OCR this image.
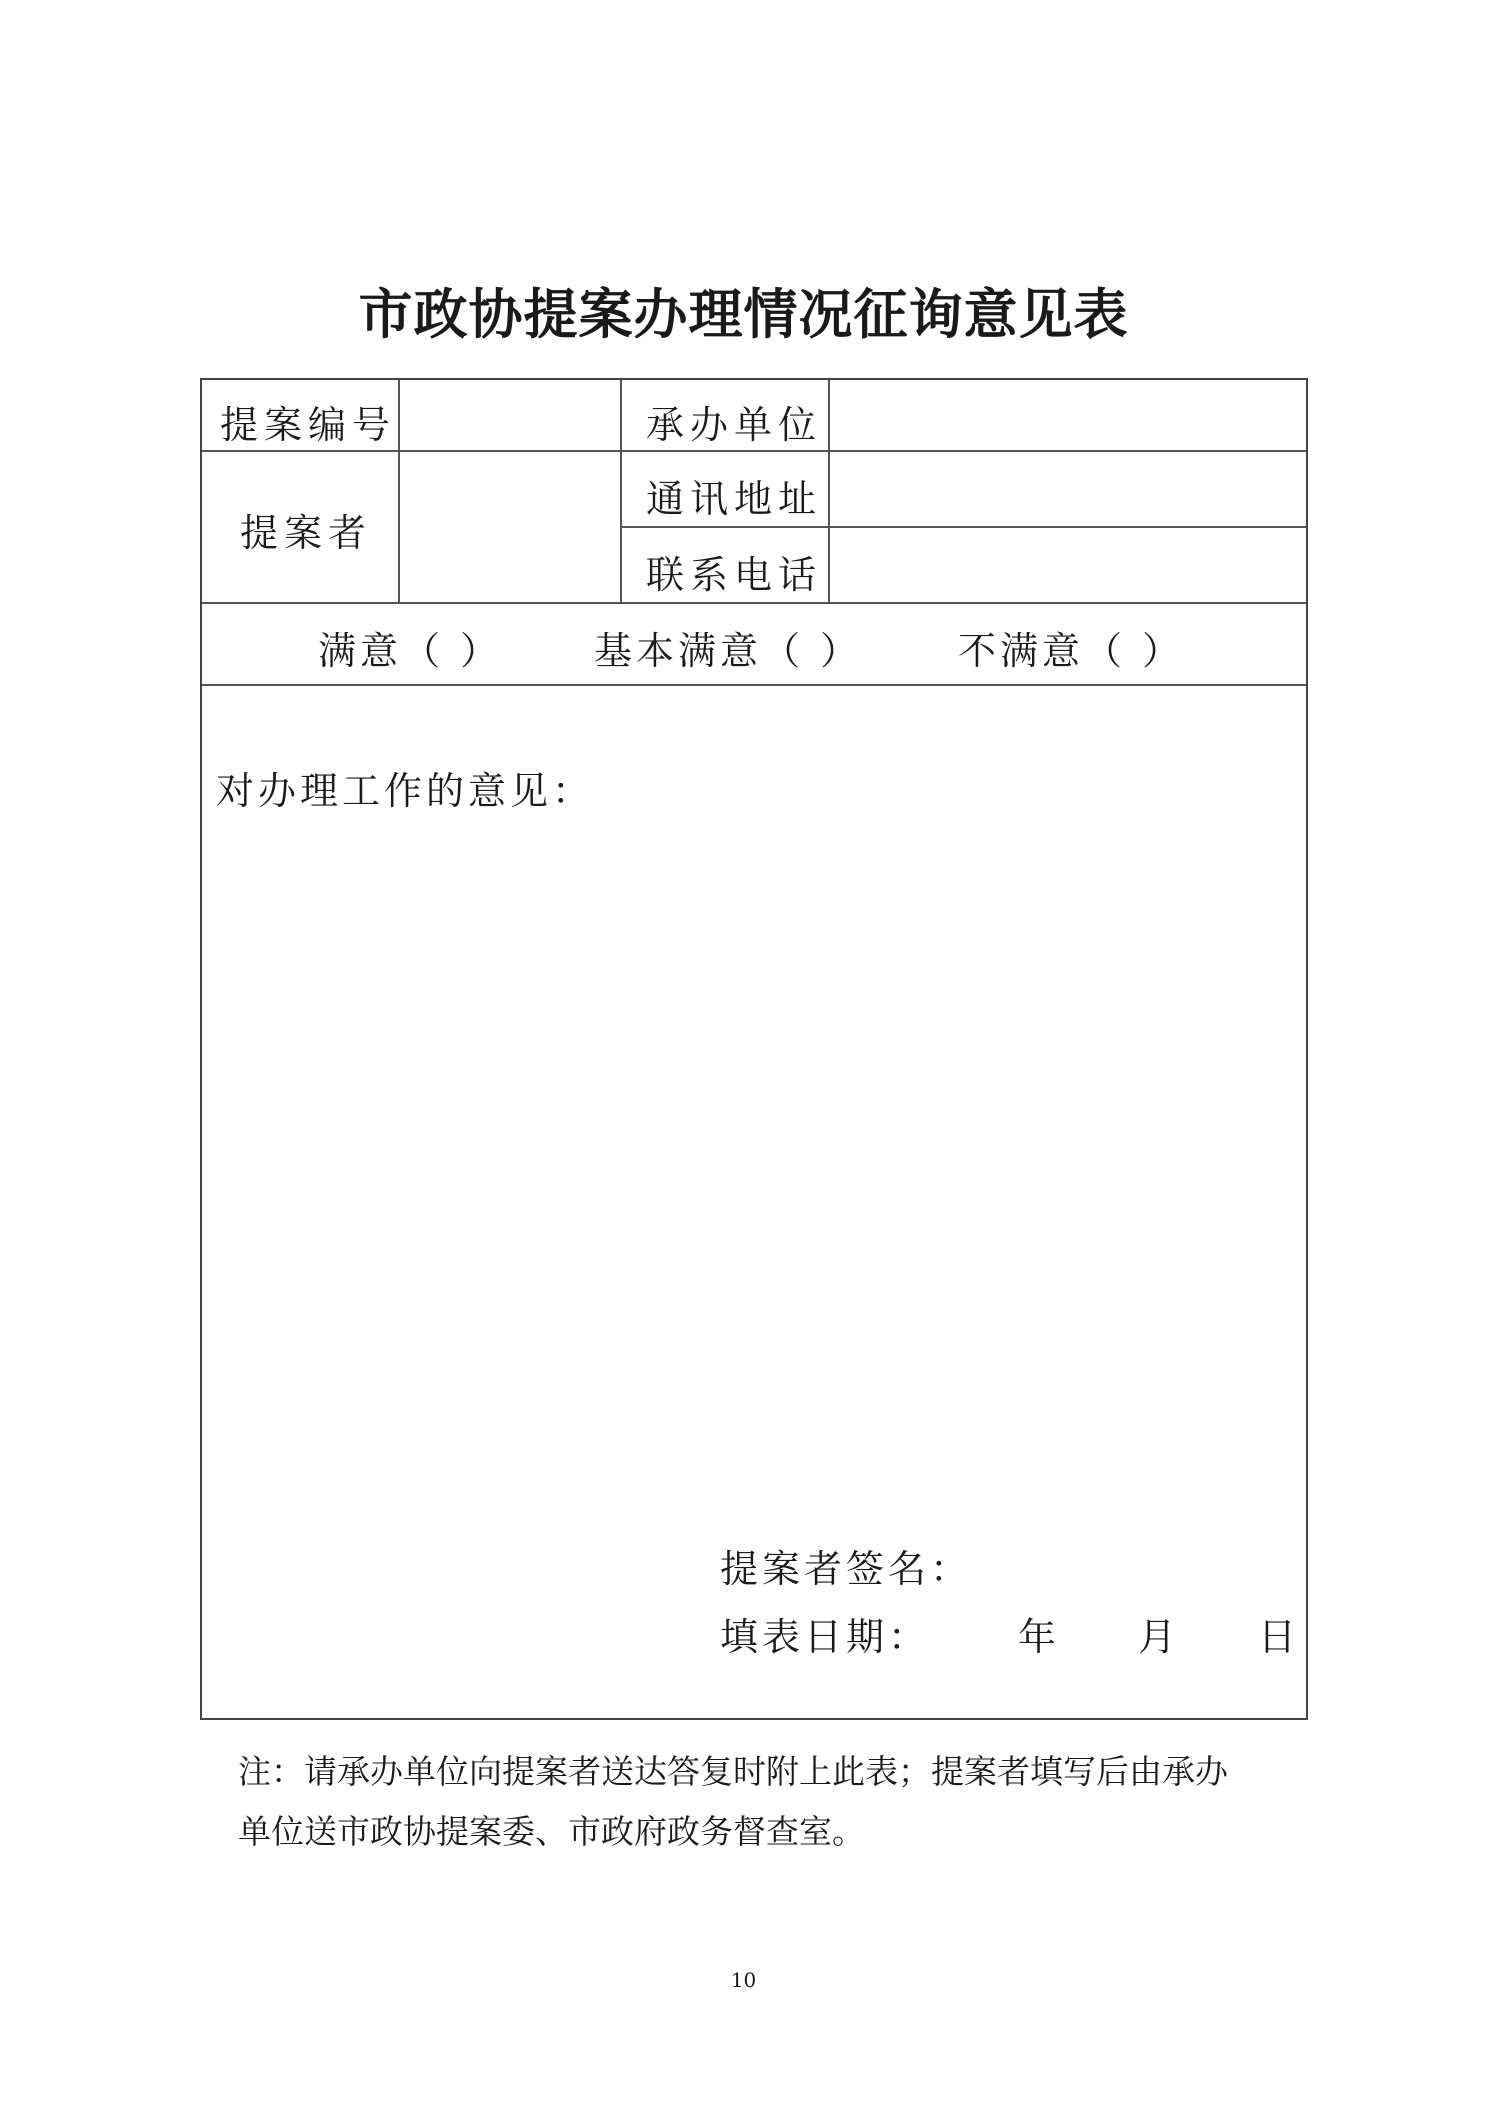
市政协提案办理情况征询意见表
提案编号	承办单位
提案者
通讯地址
联系电话
满意（ ） 基本满意（ ）	不满意（ ）
对办理工作的意见：
提案者签名：
填表日期： 年 月 日
注：请承办单位向提案者送达答复时附上此表；提案者填写后由承办
单位送市政协提案委、市政府政务督查室。
10
